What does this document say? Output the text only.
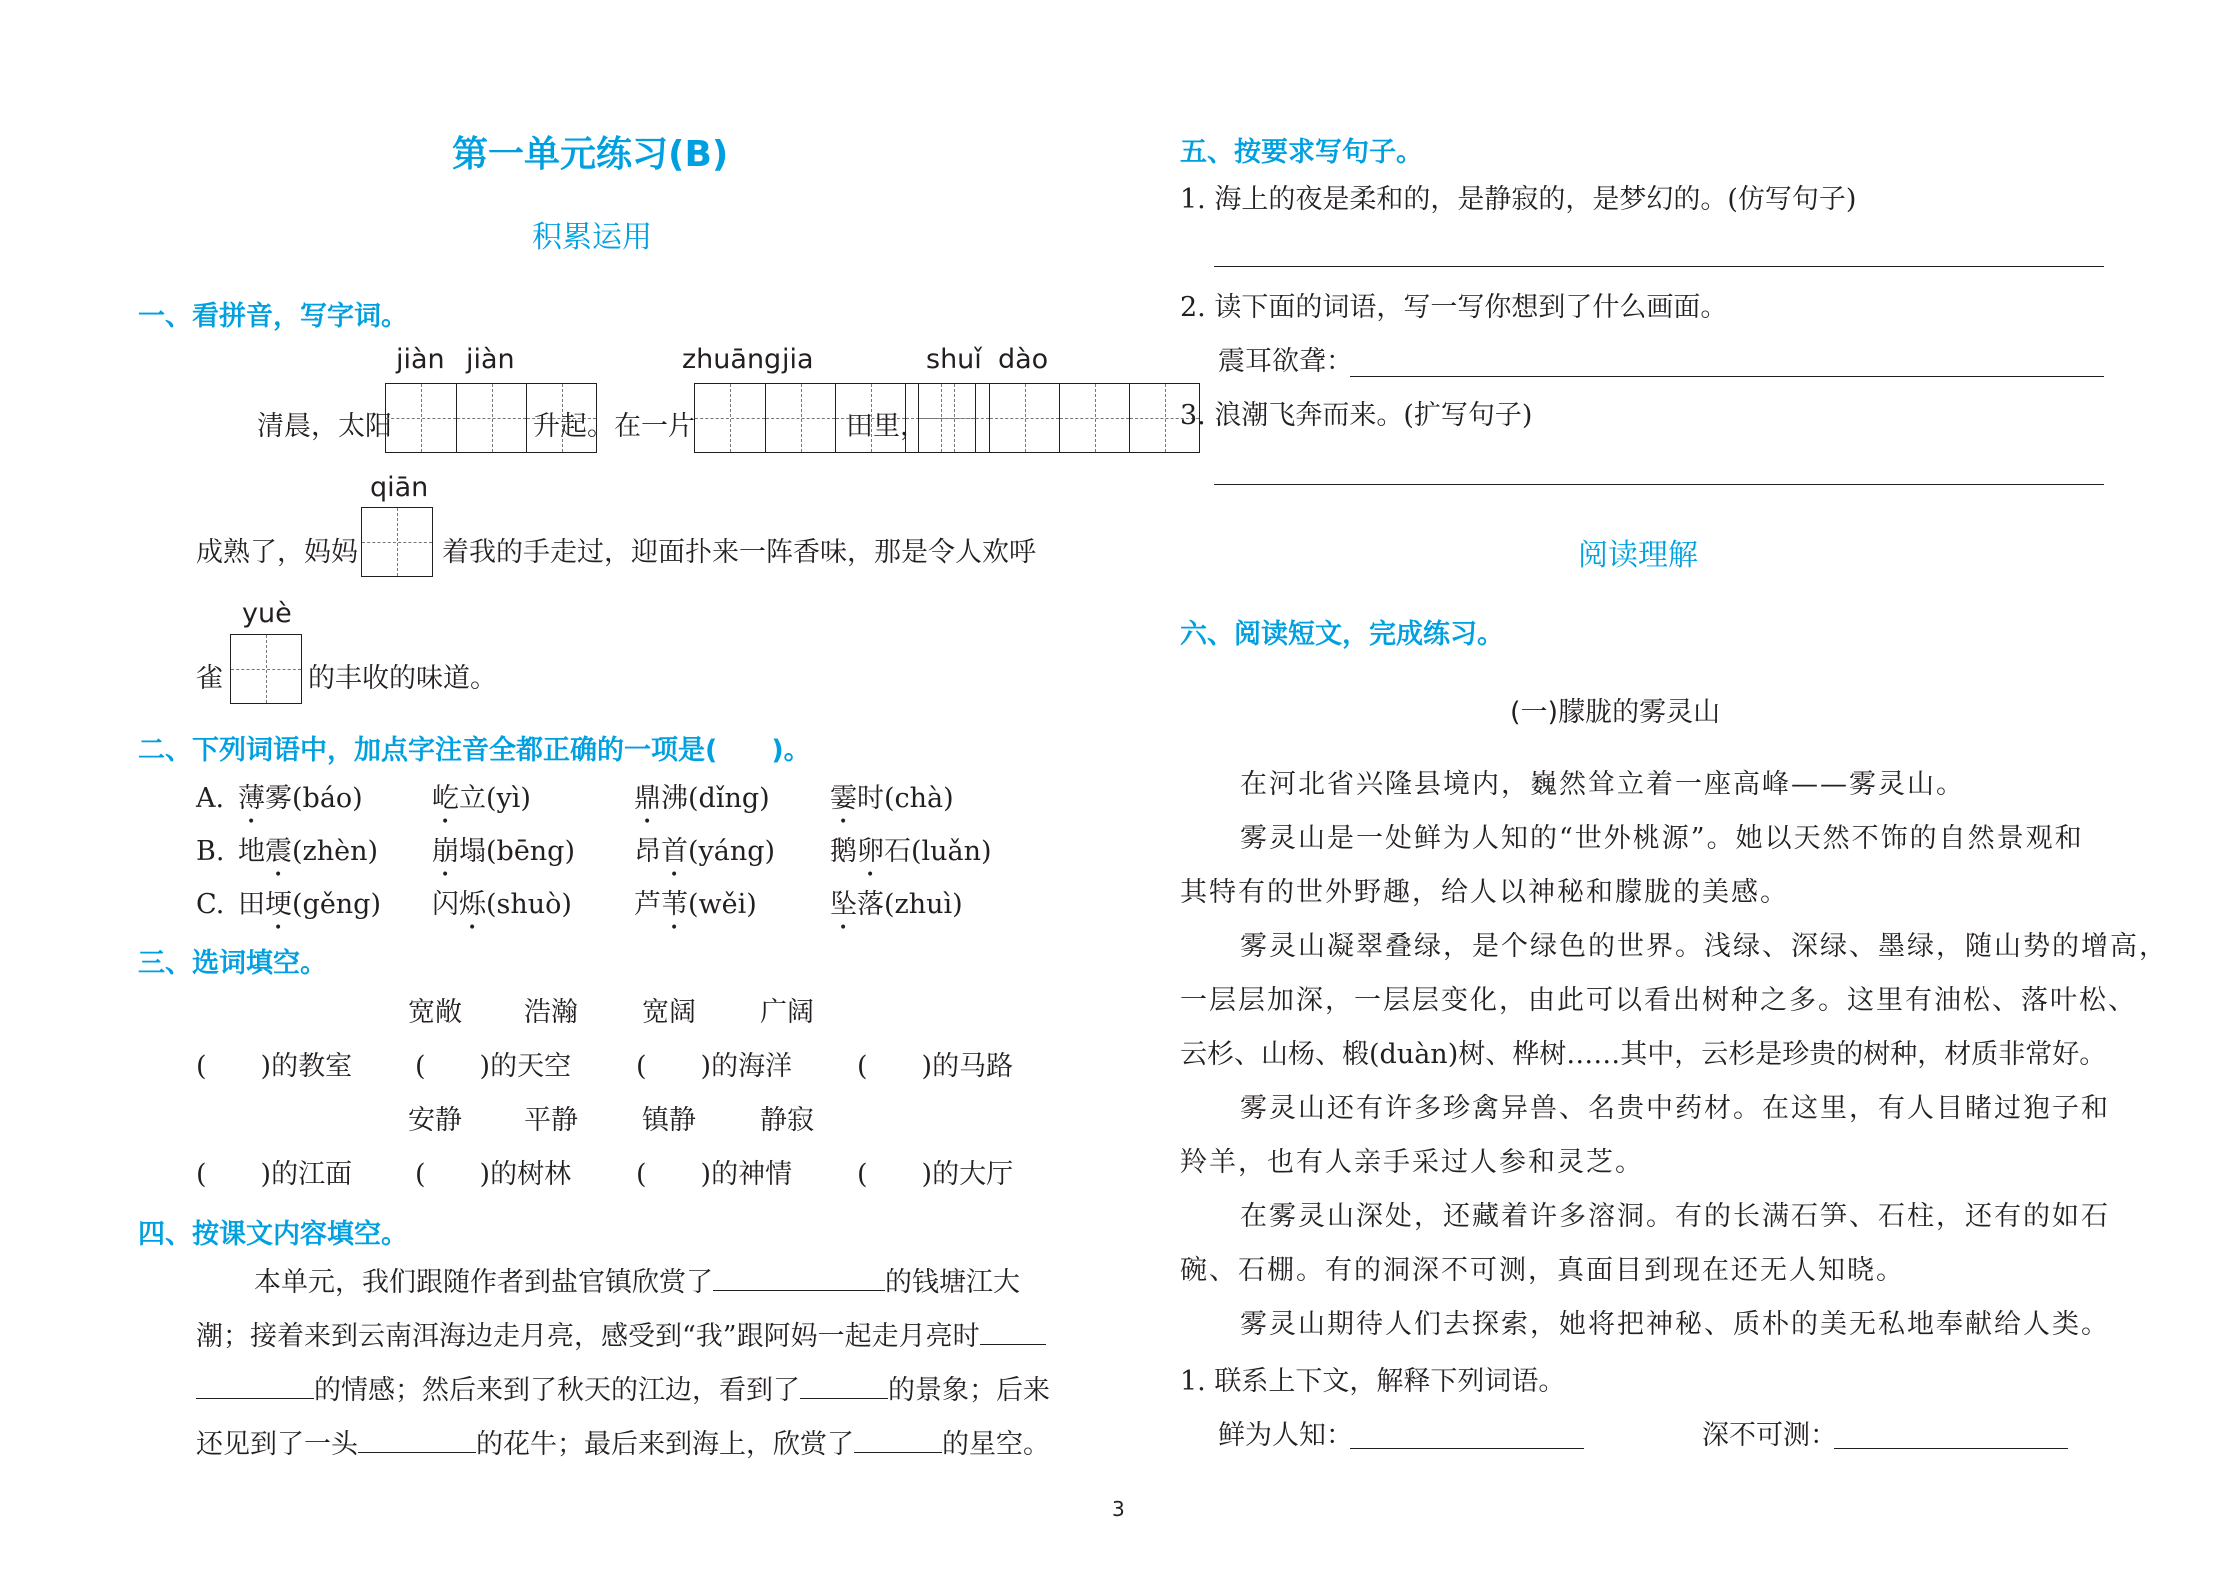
第一单元练习(B)
积累运用
一、看拼音，写字词。
jiàn jiàn	zhuāng jia	shuǐ dào
清晨，太阳	升起。在一片	田里，
qiān
成熟了，妈妈	着我的手走过，迎面扑来一阵香味，那是令人欢呼
yuè
雀	的丰收的味道。
二、下列词语中，加点字注音全都正确的一项是(　　)。
A. 薄雾(báo)	屹立(yì)	鼎沸(dǐng) 霎时(chà)
B. 地震(zhèn) 崩塌(bēng) 昂首(yáng) 鹅卵石(luǎn)
C. 田埂(gěng) 闪烁(shuò) 芦苇(wěi)	坠落(zhuì)
三、选词填空。
宽敞 浩瀚 宽阔 广阔
(　　)的教室 (　　)的天空 (　　)的海洋 (　　)的马路
安静 平静 镇静 静寂
(　　)的江面 (　　)的树林 (　　)的神情 (　　)的大厅
四、按课文内容填空。
本单元，我们跟随作者到盐官镇欣赏了	的钱塘江大
潮；接着来到云南洱海边走月亮，感受到“我”跟阿妈一起走月亮时
的情感；然后来到了秋天的江边，看到了	的景象；后来
还见到了一头	的花牛；最后来到海上，欣赏了	的星空。
五、按要求写句子。
1. 海上的夜是柔和的，是静寂的，是梦幻的。(仿写句子)
2. 读下面的词语，写一写你想到了什么画面。
震耳欲聋：
3. 浪潮飞奔而来。(扩写句子)
阅读理解
六、阅读短文，完成练习。
(一)朦胧的雾灵山
在河北省兴隆县境内，巍然耸立着一座高峰——雾灵山。
雾灵山是一处鲜为人知的“世外桃源”。她以天然不饰的自然景观和
其特有的世外野趣，给人以神秘和朦胧的美感。
雾灵山凝翠叠绿，是个绿色的世界。浅绿、深绿、墨绿，随山势的增高，
一层层加深，一层层变化，由此可以看出树种之多。这里有油松、落叶松、
云杉、山杨、椴(duàn)树、桦树……其中，云杉是珍贵的树种，材质非常好。
雾灵山还有许多珍禽异兽、名贵中药材。在这里，有人目睹过狍子和
羚羊，也有人亲手采过人参和灵芝。
在雾灵山深处，还藏着许多溶洞。有的长满石笋、石柱，还有的如石
碗、石棚。有的洞深不可测，真面目到现在还无人知晓。
雾灵山期待人们去探索，她将把神秘、质朴的美无私地奉献给人类。
1. 联系上下文，解释下列词语。
鲜为人知：	深不可测：
3
